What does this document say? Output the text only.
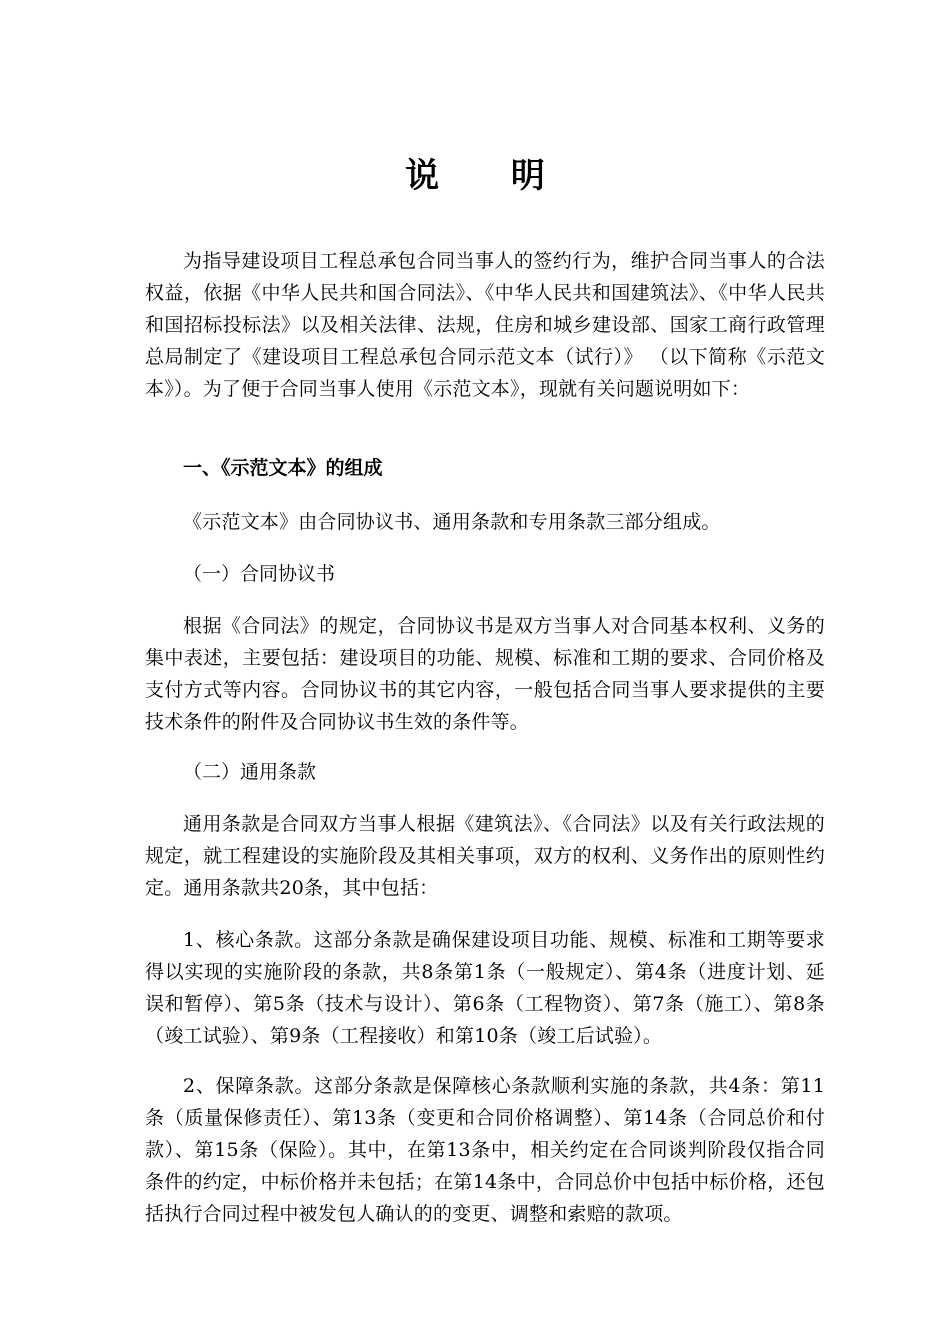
说 明
为指导建设项目工程总承包合同当事人的签约行为，维护合同当事人的合法权益，依据《中华人民共和国合同法》、《中华人民共和国建筑法》、《中华人民共和国招标投标法》以及相关法律、法规，住房和城乡建设部、国家工商行政管理总局制定了《建设项目工程总承包合同示范文本（试行）》 （以下简称《示范文本》）。为了便于合同当事人使用《示范文本》，现就有关问题说明如下：
一、《示范文本》的组成
《示范文本》由合同协议书、通用条款和专用条款三部分组成。
（一）合同协议书
根据《合同法》的规定，合同协议书是双方当事人对合同基本权利、义务的集中表述，主要包括：建设项目的功能、规模、标准和工期的要求、合同价格及支付方式等内容。合同协议书的其它内容，一般包括合同当事人要求提供的主要技术条件的附件及合同协议书生效的条件等。
（二）通用条款
通用条款是合同双方当事人根据《建筑法》、《合同法》以及有关行政法规的规定，就工程建设的实施阶段及其相关事项，双方的权利、义务作出的原则性约定。通用条款共20条，其中包括：
1、核心条款。这部分条款是确保建设项目功能、规模、标准和工期等要求得以实现的实施阶段的条款，共8条第1条（一般规定）、第4条（进度计划、延误和暂停）、第5条（技术与设计）、第6条（工程物资）、第7条（施工）、第8条（竣工试验）、第9条（工程接收）和第10条（竣工后试验）。
2、保障条款。这部分条款是保障核心条款顺利实施的条款，共4条：第11条（质量保修责任）、第13条（变更和合同价格调整）、第14条（合同总价和付款）、第15条（保险）。其中，在第13条中，相关约定在合同谈判阶段仅指合同条件的约定，中标价格并未包括；在第14条中，合同总价中包括中标价格，还包括执行合同过程中被发包人确认的的变更、调整和索赔的款项。
